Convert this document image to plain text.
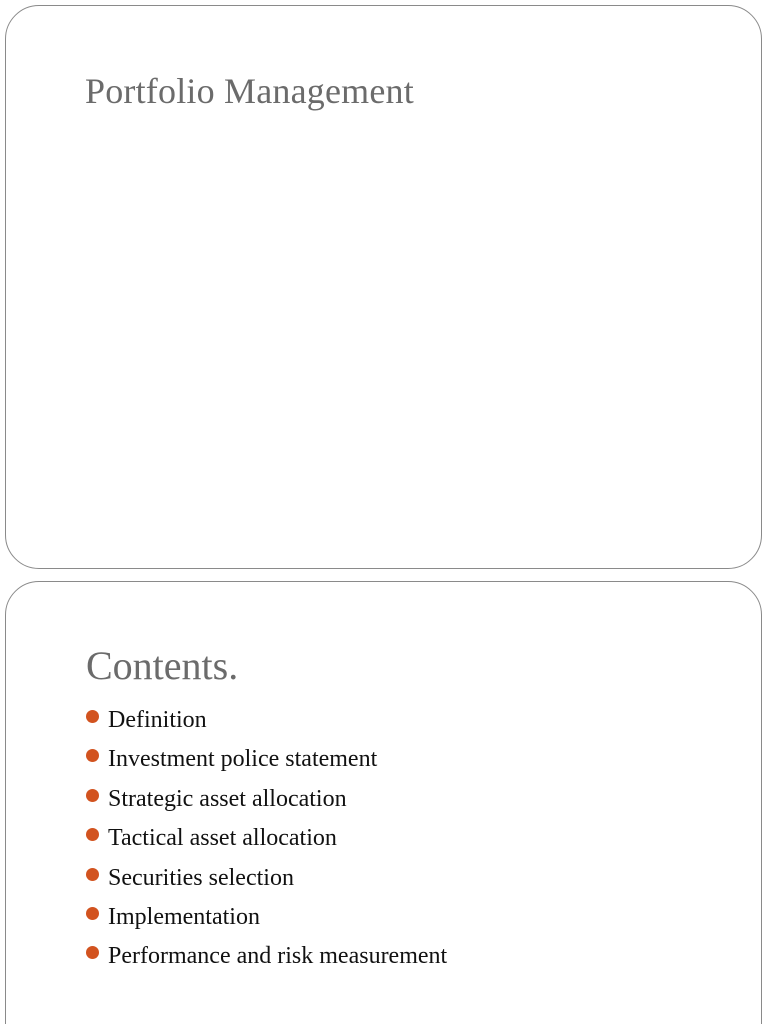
Portfolio Management
Contents.
Definition
Investment police statement
Strategic asset allocation
Tactical asset allocation
Securities selection
Implementation
Performance and risk measurement
